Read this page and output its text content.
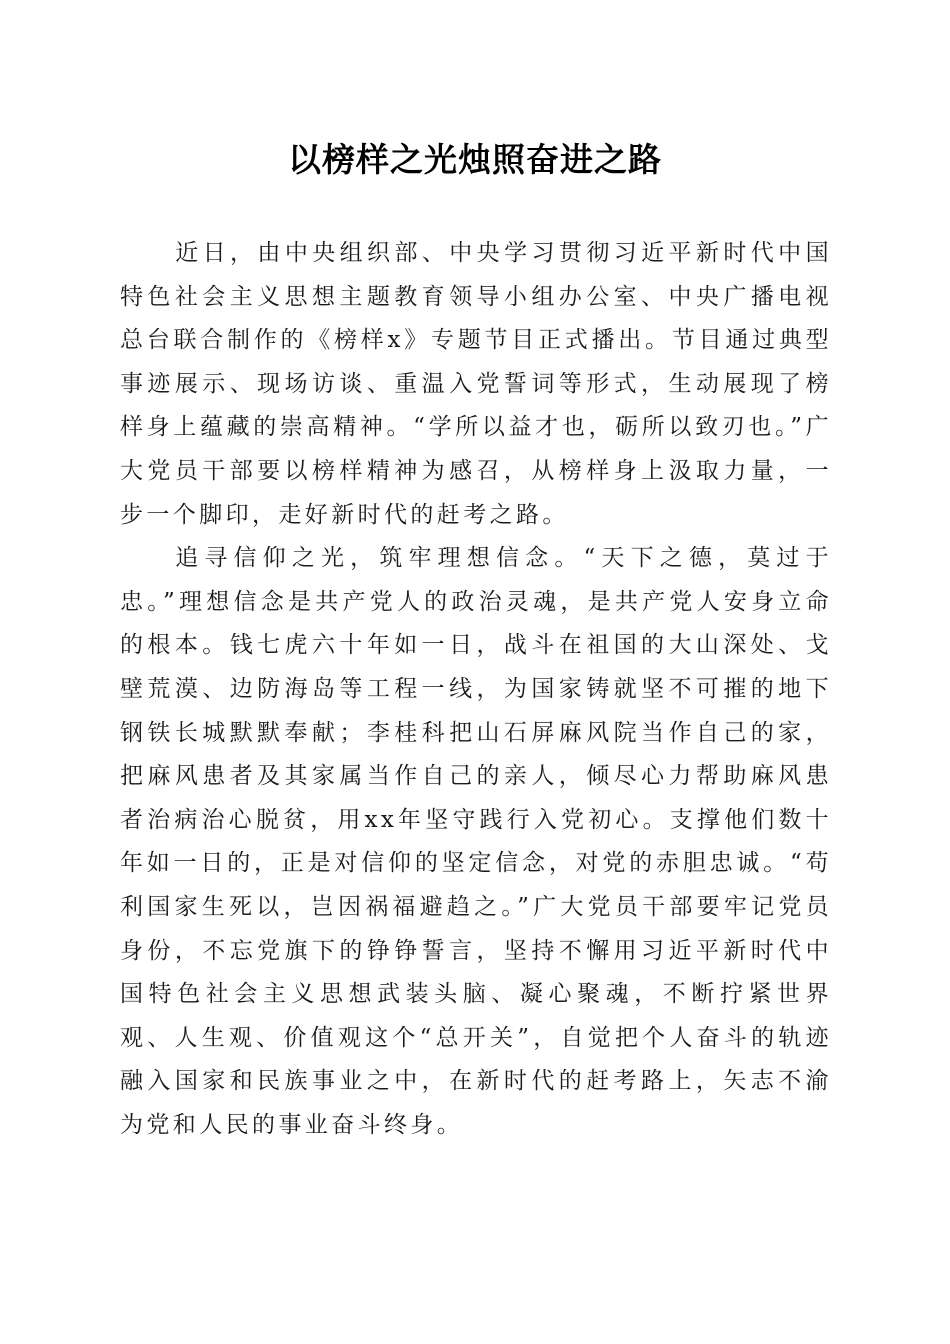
以榜样之光烛照奋进之路

近日，由中央组织部、中央学习贯彻习近平新时代中国特色社会主义思想主题教育领导小组办公室、中央广播电视总台联合制作的《榜样x》专题节目正式播出。节目通过典型事迹展示、现场访谈、重温入党誓词等形式，生动展现了榜样身上蕴藏的崇高精神。“学所以益才也，砺所以致刃也。”广大党员干部要以榜样精神为感召，从榜样身上汲取力量，一步一个脚印，走好新时代的赶考之路。

追寻信仰之光，筑牢理想信念。“天下之德，莫过于忠。”理想信念是共产党人的政治灵魂，是共产党人安身立命的根本。钱七虎六十年如一日，战斗在祖国的大山深处、戈壁荒漠、边防海岛等工程一线，为国家铸就坚不可摧的地下钢铁长城默默奉献；李桂科把山石屏麻风院当作自己的家，把麻风患者及其家属当作自己的亲人，倾尽心力帮助麻风患者治病治心脱贫，用xx年坚守践行入党初心。支撑他们数十年如一日的，正是对信仰的坚定信念，对党的赤胆忠诚。“苟利国家生死以，岂因祸福避趋之。”广大党员干部要牢记党员身份，不忘党旗下的铮铮誓言，坚持不懈用习近平新时代中国特色社会主义思想武装头脑、凝心聚魂，不断拧紧世界观、人生观、价值观这个“总开关”，自觉把个人奋斗的轨迹融入国家和民族事业之中，在新时代的赶考路上，矢志不渝为党和人民的事业奋斗终身。
